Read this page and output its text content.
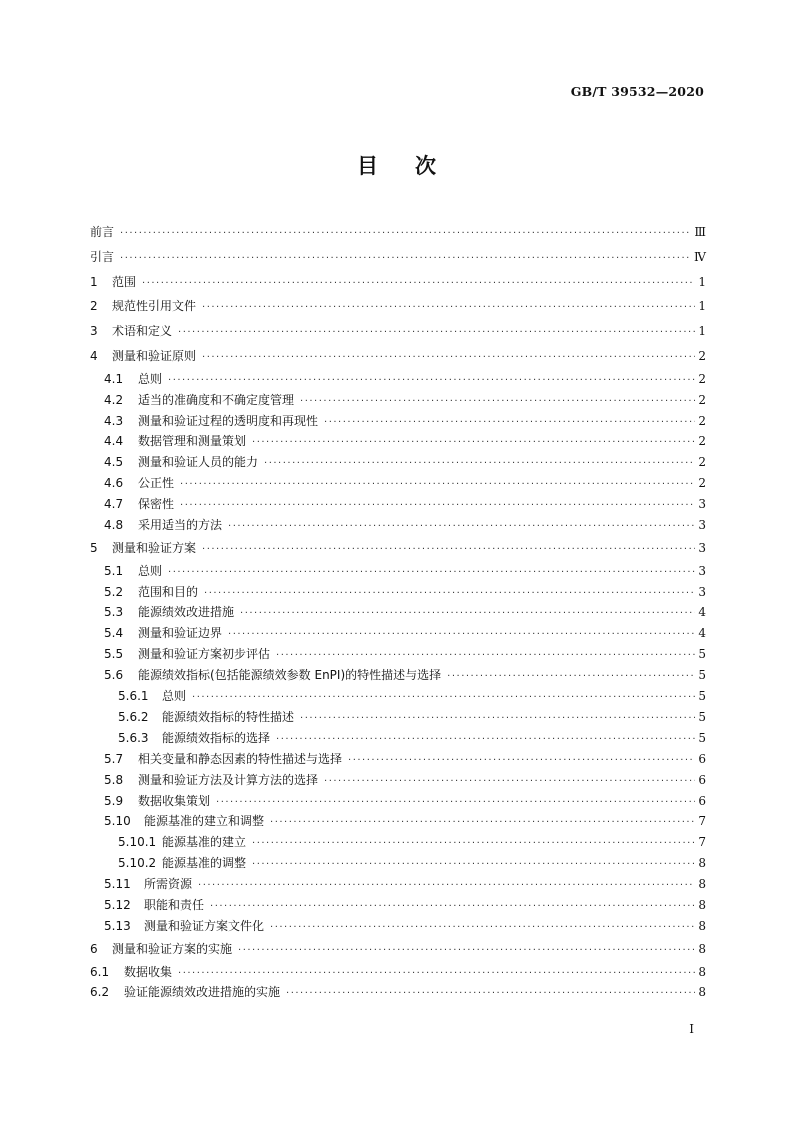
GB/T 39532—2020
目 次
前言 ·····	Ⅲ
引言 ·····	Ⅳ
1	范围 ·····	1
2	规范性引用文件 ·····	1
3	术语和定义 ·····	1
4	测量和验证原则 ·····	2
4.1	总则 ·····	2
4.2	适当的准确度和不确定度管理 ·····	2
4.3	测量和验证过程的透明度和再现性 ·····	2
4.4	数据管理和测量策划 ·····	2
4.5	测量和验证人员的能力 ·····	2
4.6	公正性 ·····	2
4.7	保密性 ·····	3
4.8	采用适当的方法 ·····	3
5	测量和验证方案 ·····	3
5.1	总则 ·····	3
5.2	范围和目的 ·····	3
5.3	能源绩效改进措施 ·····	4
5.4	测量和验证边界 ·····	4
5.5	测量和验证方案初步评估 ·····	5
5.6	能源绩效指标(包括能源绩效参数 EnPI)的特性描述与选择 ·····	5
5.6.1	总则 ·····	5
5.6.2	能源绩效指标的特性描述 ·····	5
5.6.3	能源绩效指标的选择 ·····	5
5.7	相关变量和静态因素的特性描述与选择 ·····	6
5.8	测量和验证方法及计算方法的选择 ·····	6
5.9	数据收集策划 ·····	6
5.10	能源基准的建立和调整 ·····	7
5.10.1 能源基准的建立 ·····	7
5.10.2 能源基准的调整 ·····	8
5.11	所需资源 ·····	8
5.12	职能和责任 ·····	8
5.13	测量和验证方案文件化 ·····	8
6	测量和验证方案的实施 ·····	8
6.1	数据收集 ·····	8
6.2	验证能源绩效改进措施的实施 ·····	8
I
